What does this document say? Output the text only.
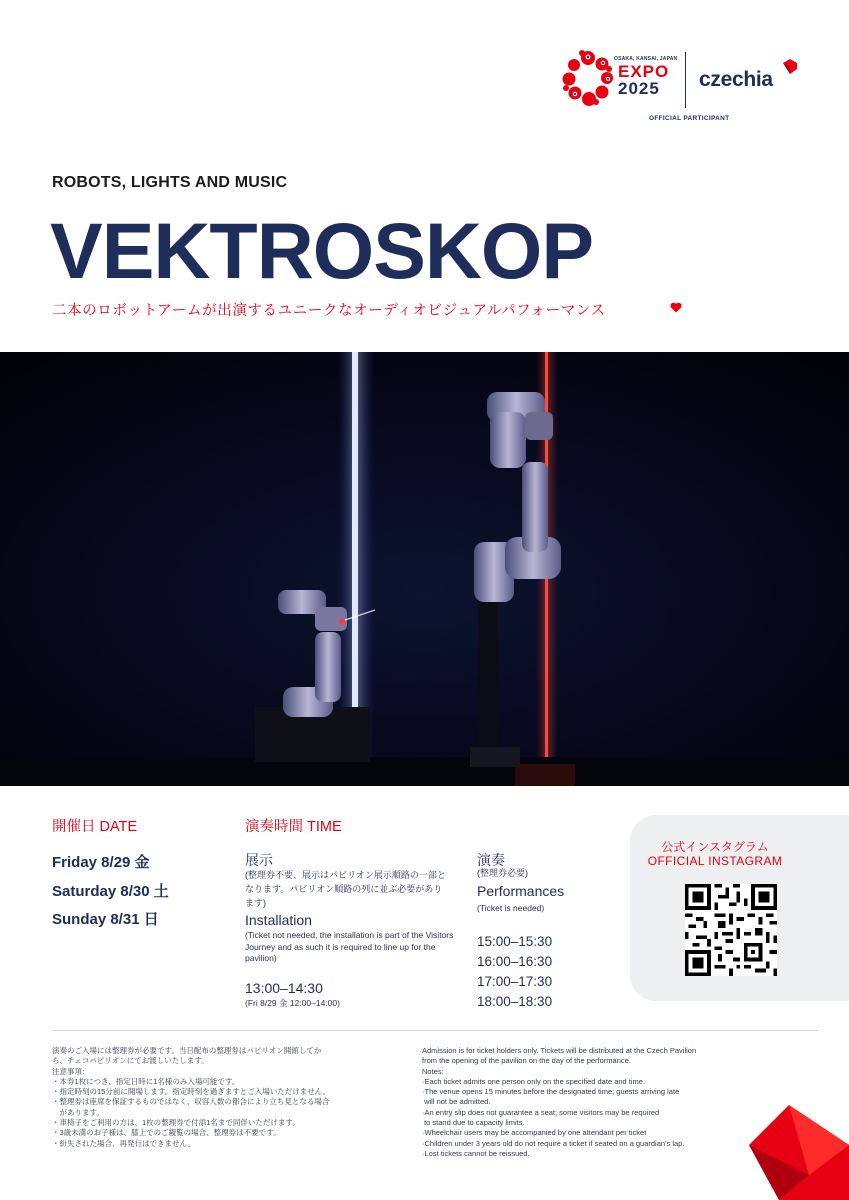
OSAKA, KANSAI, JAPAN
EXPO
2025 czechia
OFFICIAL PARTICIPANT
ROBOTS, LIGHTS AND MUSIC
VEKTROSKOP
二本のロボットアームが出演するユニークなオーディオビジュアルパフォーマンス
開催日 DATE	演奏時間 TIME
Friday 8/29 金
Saturday 8/30 土
Sunday 8/31 日
展示
(整理券不要、展示はパビリオン展示順路の一部となります。パビリオン順路の列に並ぶ必要があります)
Installation
(Ticket not needed, the installation is part of the Visitors Journey and as such it is required to line up for the pavilion)
13:00–14:30
(Fri 8/29 金 12:00–14:00)
演奏
(整理券必要)
Performances
(Ticket is needed)
15:00–15:30
16:00–16:30
17:00–17:30
18:00–18:30
公式インスタグラム
OFFICIAL INSTAGRAM
演奏のご入場には整理券が必要です。当日配布の整理券はパビリオン開館してか
ら、チェコパビリオンにてお渡しいたします。
注意事項：
・本券1枚につき、指定日時に1名様のみ入場可能です。
・指定時刻の15分前に開場します。指定時刻を過ぎますとご入場いただけません。
・整理券は座席を保証するものではなく、収容人数の都合により立ち見となる場合
　があります。
・車椅子をご利用の方は、1枚の整理券で付添1名まで同伴いただけます。
・3歳未満のお子様は、膝上でのご観覧の場合、整理券は不要です。
・紛失された場合、再発行はできません。
Admission is for ticket holders only. Tickets will be distributed at the Czech Pavilion
from the opening of the pavilion on the day of the performance.
Notes:
·Each ticket admits one person only on the specified date and time.
·The venue opens 15 minutes before the designated time; guests arriving late
will not be admitted.
·An entry slip does not guarantee a seat; some visitors may be required
to stand due to capacity limits.
·Wheelchair users may be accompanied by one attendant per ticket
·Children under 3 years old do not require a ticket if seated on a guardian's lap.
·Lost tickets cannot be reissued.
